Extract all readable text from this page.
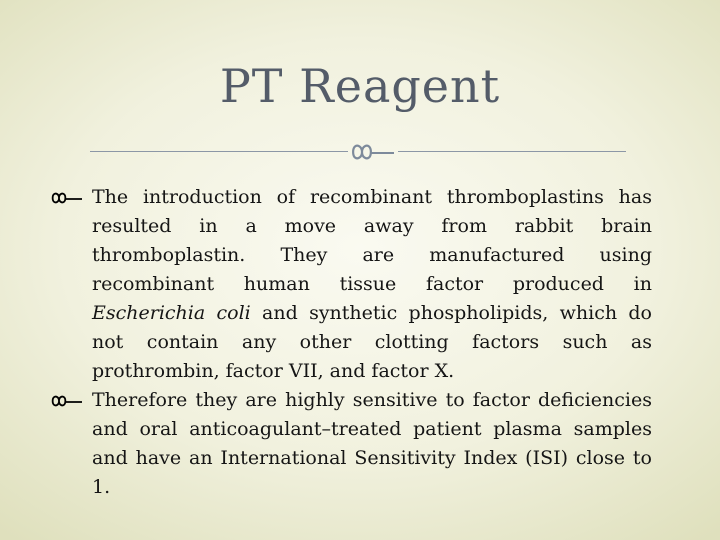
PT Reagent
The introduction of recombinant thromboplastins has resulted in a move away from rabbit brain thromboplastin. They are manufactured using recombinant human tissue factor produced in Escherichia coli and synthetic phospholipids, which do not contain any other clotting factors such as prothrombin, factor VII, and factor X.
Therefore they are highly sensitive to factor deficiencies and oral anticoagulant–treated patient plasma samples and have an International Sensitivity Index (ISI) close to 1.
